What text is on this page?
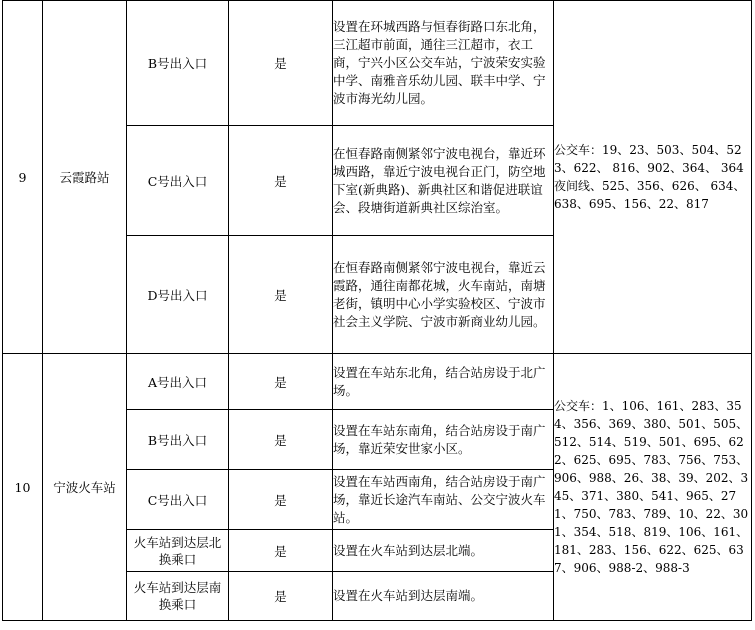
9	云霞路站	B号出入口	是	设置在环城西路与恒春街路口东北角，三江超市前面，通往三江超市，衣工商，宁兴小区公交车站，宁波荣安实验中学、南雅音乐幼儿园、联丰中学、宁波市海光幼儿园。	公交车：19、23、503、504、523、622、 816、902、364、 364夜间线、525、356、626、 634、638、695、156、22、817
		C号出入口	是	在恒春路南侧紧邻宁波电视台，靠近环城西路，靠近宁波电视台正门，防空地下室(新典路)、新典社区和谐促进联谊会、段塘街道新典社区综治室。	
		D号出入口	是	在恒春路南侧紧邻宁波电视台，靠近云霞路，通往南都花城，火车南站，南塘老街，镇明中心小学实验校区、宁波市社会主义学院、宁波市新商业幼儿园。	
10	宁波火车站	A号出入口	是	设置在车站东北角，结合站房设于北广场。	公交车：1、106、161、283、354、356、369、380、501、505、512、514、519、501、695、622、625、695、783、756、753、906、988、26、38、39、202、345、371、380、541、965、271、750、783、789、10、22、301、354、518、819、106、161、181、283、156、622、625、637、906、988-2、988-3
		B号出入口	是	设置在车站东南角，结合站房设于南广场，靠近荣安世家小区。	
		C号出入口	是	设置在车站西南角，结合站房设于南广场，靠近长途汽车南站、公交宁波火车站。	

		火车站到达层北换乘口	是	设置在火车站到达层北端。	

		火车站到达层南换乘口	是	设置在火车站到达层南端。	
